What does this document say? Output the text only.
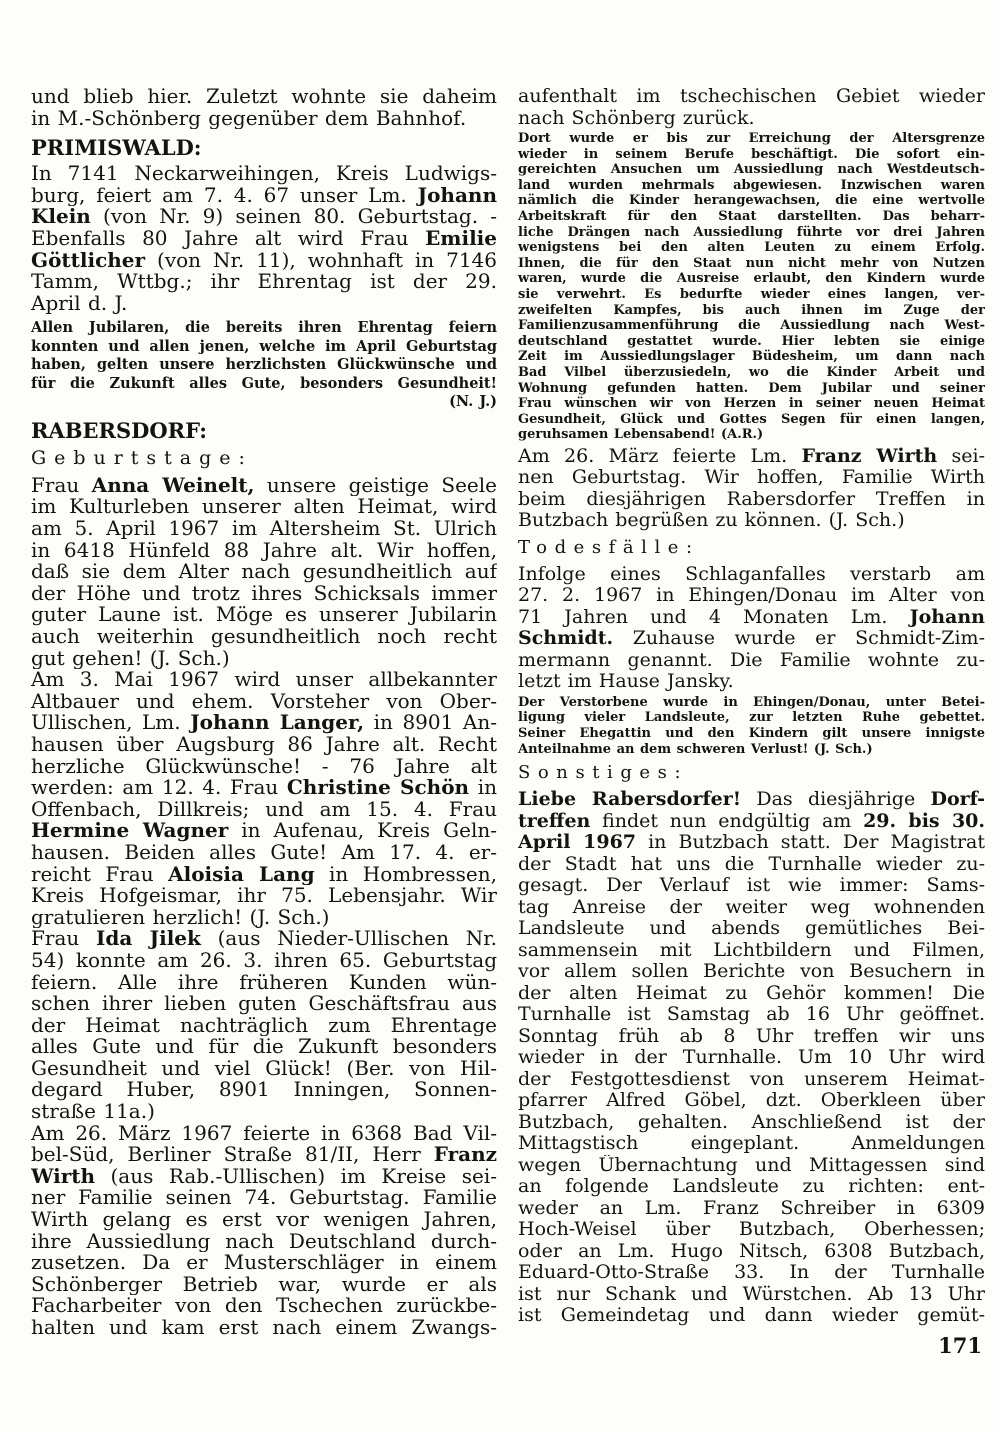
und blieb hier. Zuletzt wohnte sie daheim
in M.-Schönberg gegenüber dem Bahnhof.
PRIMISWALD:
In 7141 Neckarweihingen, Kreis Ludwigs-
burg, feiert am 7. 4. 67 unser Lm. Johann
Klein (von Nr. 9) seinen 80. Geburtstag. -
Ebenfalls 80 Jahre alt wird Frau Emilie
Göttlicher (von Nr. 11), wohnhaft in 7146
Tamm, Wttbg.; ihr Ehrentag ist der 29.
April d. J.
Allen Jubilaren, die bereits ihren Ehrentag feiern
konnten und allen jenen, welche im April Geburtstag
haben, gelten unsere herzlichsten Glückwünsche und
für die Zukunft alles Gute, besonders Gesundheit!
(N. J.)
RABERSDORF:
Geburtstage:
Frau Anna Weinelt, unsere geistige Seele
im Kulturleben unserer alten Heimat, wird
am 5. April 1967 im Altersheim St. Ulrich
in 6418 Hünfeld 88 Jahre alt. Wir hoffen,
daß sie dem Alter nach gesundheitlich auf
der Höhe und trotz ihres Schicksals immer
guter Laune ist. Möge es unserer Jubilarin
auch weiterhin gesundheitlich noch recht
gut gehen! (J. Sch.)
Am 3. Mai 1967 wird unser allbekannter
Altbauer und ehem. Vorsteher von Ober-
Ullischen, Lm. Johann Langer, in 8901 An-
hausen über Augsburg 86 Jahre alt. Recht
herzliche Glückwünsche! - 76 Jahre alt
werden: am 12. 4. Frau Christine Schön in
Offenbach, Dillkreis; und am 15. 4. Frau
Hermine Wagner in Aufenau, Kreis Geln-
hausen. Beiden alles Gute! Am 17. 4. er-
reicht Frau Aloisia Lang in Hombressen,
Kreis Hofgeismar, ihr 75. Lebensjahr. Wir
gratulieren herzlich! (J. Sch.)
Frau Ida Jilek (aus Nieder-Ullischen Nr.
54) konnte am 26. 3. ihren 65. Geburtstag
feiern. Alle ihre früheren Kunden wün-
schen ihrer lieben guten Geschäftsfrau aus
der Heimat nachträglich zum Ehrentage
alles Gute und für die Zukunft besonders
Gesundheit und viel Glück! (Ber. von Hil-
degard Huber, 8901 Inningen, Sonnen-
straße 11a.)
Am 26. März 1967 feierte in 6368 Bad Vil-
bel-Süd, Berliner Straße 81/II, Herr Franz
Wirth (aus Rab.-Ullischen) im Kreise sei-
ner Familie seinen 74. Geburtstag. Familie
Wirth gelang es erst vor wenigen Jahren,
ihre Aussiedlung nach Deutschland durch-
zusetzen. Da er Musterschläger in einem
Schönberger Betrieb war, wurde er als
Facharbeiter von den Tschechen zurückbe-
halten und kam erst nach einem Zwangs-
aufenthalt im tschechischen Gebiet wieder
nach Schönberg zurück.
Dort wurde er bis zur Erreichung der Altersgrenze
wieder in seinem Berufe beschäftigt. Die sofort ein-
gereichten Ansuchen um Aussiedlung nach Westdeutsch-
land wurden mehrmals abgewiesen. Inzwischen waren
nämlich die Kinder herangewachsen, die eine wertvolle
Arbeitskraft für den Staat darstellten. Das beharr-
liche Drängen nach Aussiedlung führte vor drei Jahren
wenigstens bei den alten Leuten zu einem Erfolg.
Ihnen, die für den Staat nun nicht mehr von Nutzen
waren, wurde die Ausreise erlaubt, den Kindern wurde
sie verwehrt. Es bedurfte wieder eines langen, ver-
zweifelten Kampfes, bis auch ihnen im Zuge der
Familienzusammenführung die Aussiedlung nach West-
deutschland gestattet wurde. Hier lebten sie einige
Zeit im Aussiedlungslager Büdesheim, um dann nach
Bad Vilbel überzusiedeln, wo die Kinder Arbeit und
Wohnung gefunden hatten. Dem Jubilar und seiner
Frau wünschen wir von Herzen in seiner neuen Heimat
Gesundheit, Glück und Gottes Segen für einen langen,
geruhsamen Lebensabend! (A.R.)
Am 26. März feierte Lm. Franz Wirth sei-
nen Geburtstag. Wir hoffen, Familie Wirth
beim diesjährigen Rabersdorfer Treffen in
Butzbach begrüßen zu können. (J. Sch.)
Todesfälle:
Infolge eines Schlaganfalles verstarb am
27. 2. 1967 in Ehingen/Donau im Alter von
71 Jahren und 4 Monaten Lm. Johann
Schmidt. Zuhause wurde er Schmidt-Zim-
mermann genannt. Die Familie wohnte zu-
letzt im Hause Jansky.
Der Verstorbene wurde in Ehingen/Donau, unter Betei-
ligung vieler Landsleute, zur letzten Ruhe gebettet.
Seiner Ehegattin und den Kindern gilt unsere innigste
Anteilnahme an dem schweren Verlust! (J. Sch.)
Sonstiges:
Liebe Rabersdorfer! Das diesjährige Dorf-
treffen findet nun endgültig am 29. bis 30.
April 1967 in Butzbach statt. Der Magistrat
der Stadt hat uns die Turnhalle wieder zu-
gesagt. Der Verlauf ist wie immer: Sams-
tag Anreise der weiter weg wohnenden
Landsleute und abends gemütliches Bei-
sammensein mit Lichtbildern und Filmen,
vor allem sollen Berichte von Besuchern in
der alten Heimat zu Gehör kommen! Die
Turnhalle ist Samstag ab 16 Uhr geöffnet.
Sonntag früh ab 8 Uhr treffen wir uns
wieder in der Turnhalle. Um 10 Uhr wird
der Festgottesdienst von unserem Heimat-
pfarrer Alfred Göbel, dzt. Oberkleen über
Butzbach, gehalten. Anschließend ist der
Mittagstisch eingeplant. Anmeldungen
wegen Übernachtung und Mittagessen sind
an folgende Landsleute zu richten: ent-
weder an Lm. Franz Schreiber in 6309
Hoch-Weisel über Butzbach, Oberhessen;
oder an Lm. Hugo Nitsch, 6308 Butzbach,
Eduard-Otto-Straße 33. In der Turnhalle
ist nur Schank und Würstchen. Ab 13 Uhr
ist Gemeindetag und dann wieder gemüt-
171
